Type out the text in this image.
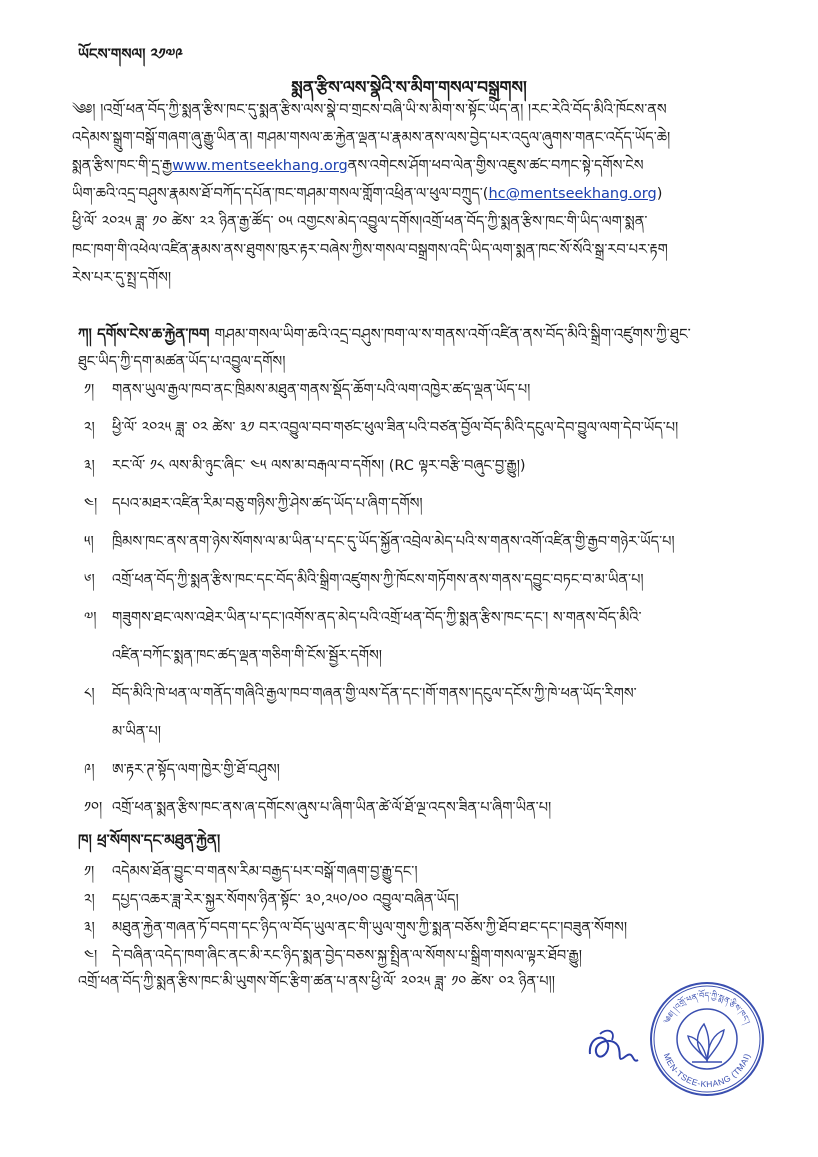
ཡོངས་གསལ། ༢༡༧༩
སྨན་རྩིས་ལས་སྣེའི་ས་མིག་གསལ་བསྒྲགས།
༄༅། །འགྲོ་ཕན་བོད་ཀྱི་སྨན་རྩིས་ཁང་དུ་སྨན་རྩིས་ལས་སྣེ་བ་གྲངས་བཞི་ཡི་ས་མིག་ས་སྟོང་ཡོད་ན། །རང་རེའི་བོད་མིའི་ཁོངས་ནས
འདེམས་སྒྲུག་བསྒོ་གཞག་ཞུ་རྒྱུ་ཡིན་ན། གཤམ་གསལ་ཆ་རྐྱེན་ལྡན་པ་རྣམས་ནས་ལས་བྱེད་པར་འདུལ་ཞུགས་གནང་འདོད་ཡོད་ཆེ།
སྨན་རྩིས་ཁང་གི་དྲ་རྒྱwww.mentseekhang.orgནས་འགེངས་ཤོག་ཕབ་ལེན་གྱིས་འཇུས་ཚང་བཀང་སྟེ་དགོས་ངེས
ཡིག་ཆའི་འདྲ་བཤུས་རྣམས་ཐོ་བཀོད་དཔོན་ཁང་གཤམ་གསལ་གློག་འཕྲིན་ལ་ཕུལ་བཀྲུད་(hc@mentseekhang.org)
ཕྱི་ལོ་ ༢༠༢༥ ཟླ་ ༡༠ ཚེས་ ༢༢ ཉིན་རྒྱ་ཚོད་ ༠༥ འགྱངས་མེད་འབྱུལ་དགོས།འགྲོ་ཕན་བོད་ཀྱི་སྨན་རྩིས་ཁང་གི་ཡིད་ལག་སྨན་
ཁང་ཁག་གི་འཕེལ་འཛིན་རྣམས་ནས་ཐུགས་ཁུར་རྟར་བཞེས་ཀྱིས་གསལ་བསྒྲགས་འདི་ཡིད་ལག་སྨན་ཁང་སོ་སོའི་སྒྲ་རབ་པར་རྟག
རེས་པར་དུ་སྤྲ་དགོས།
ཀ། དགོས་ངེས་ཆ་རྐྱེན་ཁག གཤམ་གསལ་ཡིག་ཆའི་འདྲ་བཤུས་ཁག་ལ་ས་གནས་འགོ་འཛིན་ནས་བོད་མིའི་སྒྲིག་འཛུགས་ཀྱི་ཐུང་
ཐུང་ཡིད་ཀྱི་དག་མཚན་ཡོད་པ་འབྱུལ་དགོས།
༡།	གནས་ཡུལ་རྒྱལ་ཁབ་ནང་ཁྲིམས་མཐུན་གནས་སྡོད་ཆོག་པའི་ལག་འཁྱེར་ཚད་ལྡན་ཡོད་པ།
༢།	ཕྱི་ལོ་ ༢༠༢༥ ཟླ་ ༠༢ ཚེས་ ༣༡ བར་འབྱུལ་བབ་གཙང་ཕུལ་ཟིན་པའི་བཙན་བྱོལ་བོད་མིའི་དངུལ་དེབ་བྱུལ་ལག་དེབ་ཡོད་པ།
༣།	རང་ལོ་ ༡༨ ལས་མི་ཉུང་ཞིང་ ༤༥ ལས་མ་བརྒལ་བ་དགོས། (RC ལྟར་བརྩི་བཞུང་བྱ་རྒྱུ།)
༤།	དཔའ་མཐར་འཛིན་རིམ་བཅུ་གཉིས་ཀྱི་ཤེས་ཚད་ཡོད་པ་ཞིག་དགོས།
༥།	ཁྲིམས་ཁང་ནས་ནག་ཉེས་སོགས་ལ་མ་ཡིན་པ་དང་དུ་ཡོད་སྐྱོན་འབྲེལ་མེད་པའི་ས་གནས་འགོ་འཛིན་གྱི་རྒྱབ་གཉེར་ཡོད་པ།
༦།	འགྲོ་ཕན་བོད་ཀྱི་སྨན་རྩིས་ཁང་དང་བོད་མིའི་སྒྲིག་འཛུགས་ཀྱི་ཁོངས་གཏོགས་ནས་གནས་དབྱུང་བཏང་བ་མ་ཡིན་པ།
༧།	གཟུགས་ཐང་ལས་འཐེར་ཡིན་པ་དང་།འགོས་ནད་མེད་པའི་འགྲོ་ཕན་བོད་ཀྱི་སྨན་རྩིས་ཁང་དང་། ས་གནས་བོད་མིའི་
འཛིན་བཀོང་སྨན་ཁང་ཚད་ལྡན་གཅིག་གི་ངོས་སྦྱོར་དགོས།
༨།	བོད་མིའི་ཁེ་ཕན་ལ་གནོད་གཞིའི་རྒྱལ་ཁབ་གཞན་གྱི་ལས་དོན་དང་།གོ་གནས་།དངུལ་དངོས་ཀྱི་ཁེ་ཕན་ཡོད་རིགས་
མ་ཡིན་པ།
༩།	ཨ་རྟར་ཊ་སྟོད་ལག་ཁྱེར་གྱི་ཐོ་བཤུས།
༡༠། འགྲོ་ཕན་སྨན་རྩིས་ཁང་ནས་ཞ་དགོངས་ཞུས་པ་ཞིག་ཡིན་ཚེ་ལོ་ཐོ་ལྔ་འདས་ཟིན་པ་ཞིག་ཡིན་པ།
ཁ། ཕྲ་སོགས་དང་མཐུན་རྐྱེན།
༡།	འདེམས་ཐོན་བྱུང་བ་གནས་རིམ་བརྒྱད་པར་བསྒོ་གཞག་བྱ་རྒྱུ་དང་།
༢།	དཔྱད་འཆར་ཟླ་རེར་སྐྱར་སོགས་ཉིན་སྟོང་ ༣༠,༢༥༠/༠༠ འབྱུལ་བཞིན་ཡོད།
༣།	མཐུན་རྐྱེན་གཞན་ཏོ་བདག་དང་ཉིད་ལ་བོད་ཡུལ་ནང་གི་ཡུལ་གུས་ཀྱི་སྨན་བཅོས་ཀྱི་ཐོབ་ཐང་དང་།བཟུན་སོགས།
༤།	དེ་བཞིན་འདེད་ཁག་ཞིང་ནང་མི་རང་ཉིད་སྨན་བྱེད་བཅས་སྐྱ་སྤྲིན་ལ་སོགས་པ་སྒྲིག་གསལ་ལྟར་ཐོབ་རྒྱུ།
འགྲོ་ཕན་བོད་ཀྱི་སྨན་རྩིས་ཁང་མི་ཡུགས་གོང་རྩིག་ཚན་པ་ནས་ཕྱི་ལོ་ ༢༠༢༥ ཟླ་ ༡༠ ཚེས་ ༠༢ ཉིན་པ།།
༄༅། །འགྲོ་ཕན་བོད་ཀྱི་སྨན་རྩིས་ཁང་།
MEN-TSEE-KHANG (TMAI)
